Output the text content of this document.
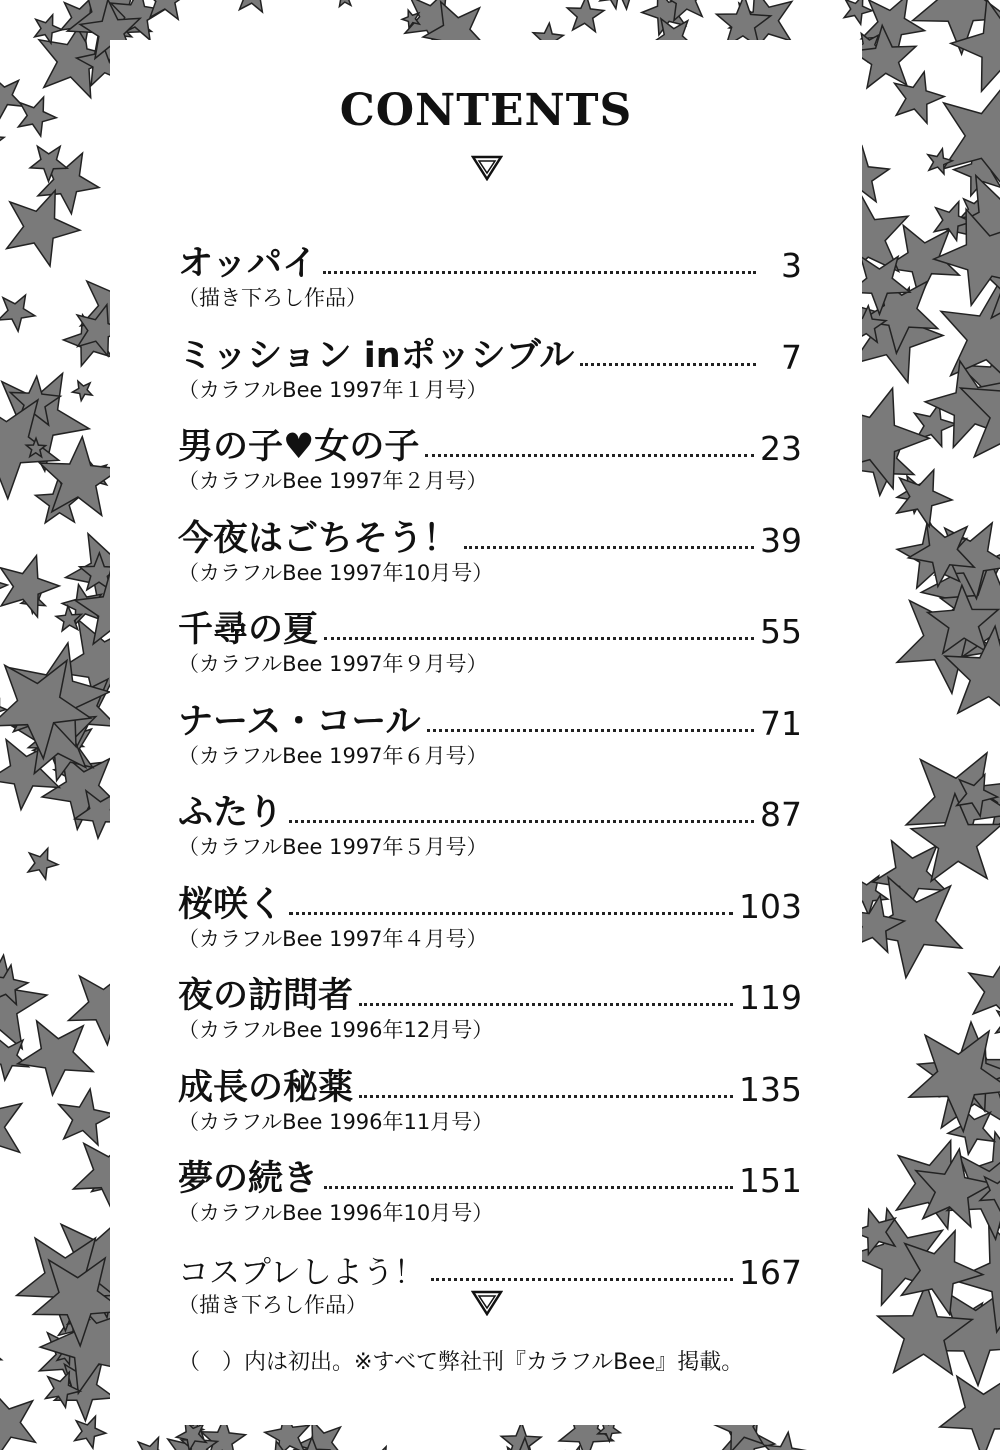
CONTENTS
オッパイ	3
（描き下ろし作品）
ミッション inポッシブル	7
（カラフルBee 1997年１月号）
男の子♥女の子	23
（カラフルBee 1997年２月号）
今夜はごちそう！	39
（カラフルBee 1997年10月号）
千尋の夏	55
（カラフルBee 1997年９月号）
ナース・コール	71
（カラフルBee 1997年６月号）
ふたり	87
（カラフルBee 1997年５月号）
桜咲く	103
（カラフルBee 1997年４月号）
夜の訪問者	119
（カラフルBee 1996年12月号）
成長の秘薬	135
（カラフルBee 1996年11月号）
夢の続き	151
（カラフルBee 1996年10月号）
コスプレしよう！	167
（描き下ろし作品）
（　）内は初出。※すべて弊社刊『カラフルBee』掲載。
